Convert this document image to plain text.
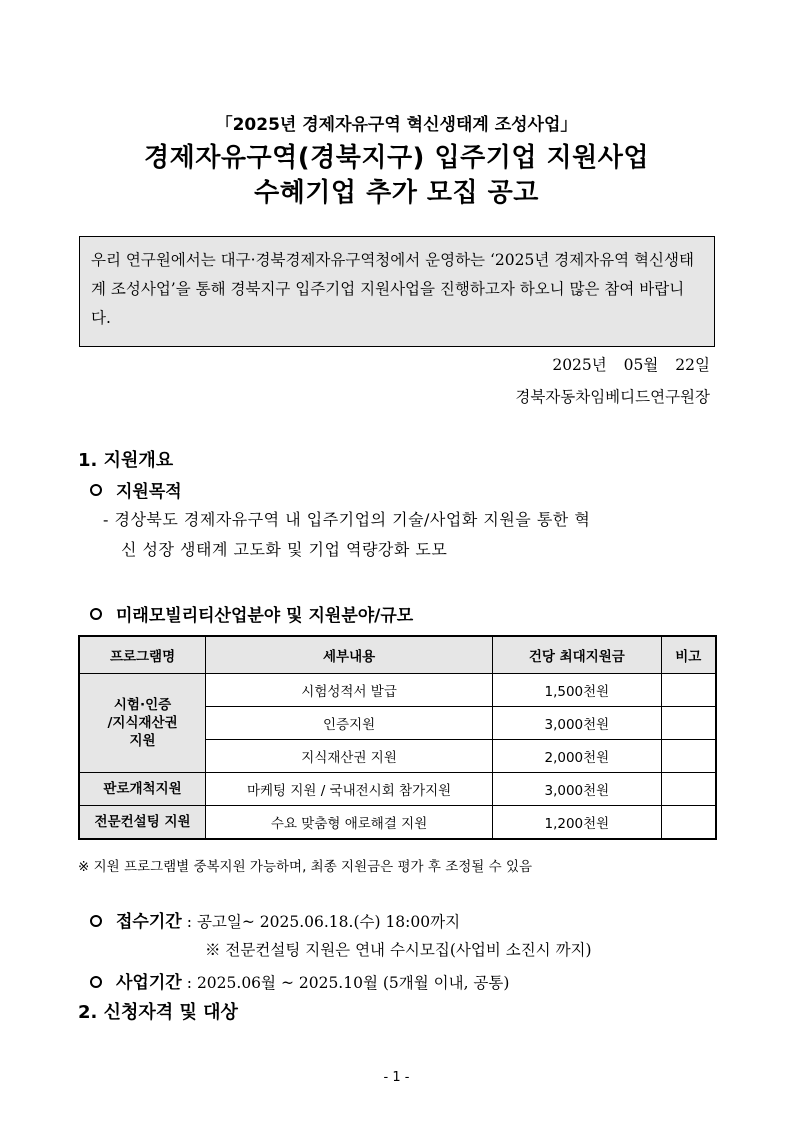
「2025년 경제자유구역 혁신생태계 조성사업」
경제자유구역(경북지구) 입주기업 지원사업
수혜기업 추가 모집 공고
우리 연구원에서는 대구·경북경제자유구역청에서 운영하는 ‘2025년 경제자유역 혁신생태계 조성사업’을 통해 경북지구 입주기업 지원사업을 진행하고자 하오니 많은 참여 바랍니다.
2025년 05월 22일
경북자동차임베디드연구원장
1. 지원개요
지원목적
- 경상북도 경제자유구역 내 입주기업의 기술/사업화 지원을 통한 혁
신 성장 생태계 고도화 및 기업 역량강화 도모
미래모빌리티산업분야 및 지원분야/규모
프로그램명	세부내용	건당 최대지원금	비고

시험·인증
/지식재산권
지원	시험성적서 발급	1,500천원	
	인증지원	3,000천원	
	지식재산권 지원	2,000천원	
판로개척지원	마케팅 지원 / 국내전시회 참가지원	3,000천원	
전문컨설팅 지원	수요 맞춤형 애로해결 지원	1,200천원	
※ 지원 프로그램별 중복지원 가능하며, 최종 지원금은 평가 후 조정될 수 있음
접수기간 : 공고일~ 2025.06.18.(수) 18:00까지
※ 전문컨설팅 지원은 연내 수시모집(사업비 소진시 까지)
사업기간 : 2025.06월 ~ 2025.10월 (5개월 이내, 공통)
2. 신청자격 및 대상
- 1 -
